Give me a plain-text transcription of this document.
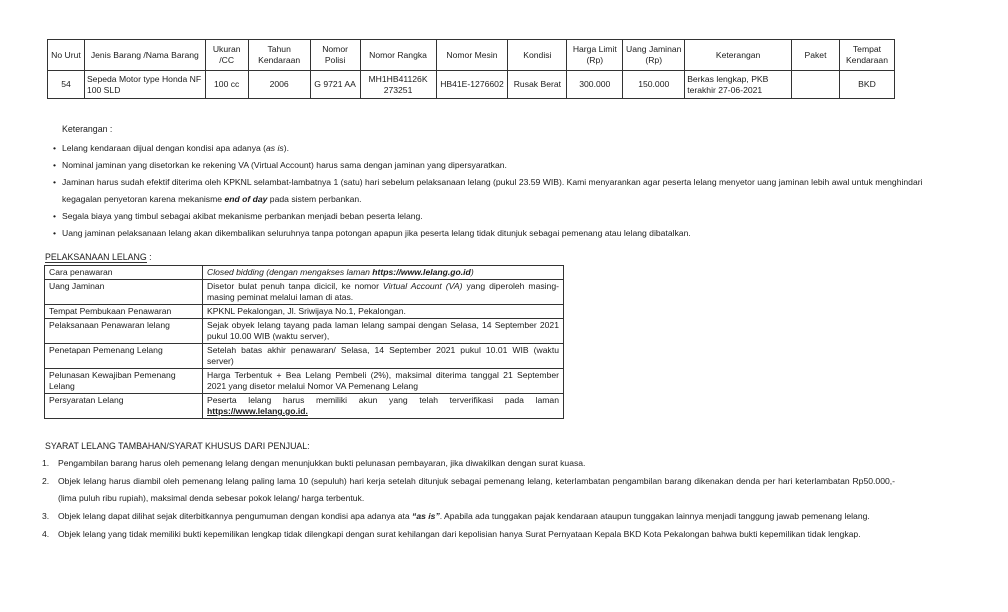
No Urut	Jenis Barang /Nama Barang	Ukuran /CC	Tahun Kendaraan	Nomor Polisi	Nomor Rangka	Nomor Mesin	Kondisi	Harga Limit (Rp)	Uang Jaminan (Rp)	Keterangan	Paket	Tempat Kendaraan
54	Sepeda Motor type Honda NF 100 SLD	100 cc	2006	G 9721 AA	MH1HB41126K 273251	HB41E-1276602	Rusak Berat	300.000	150.000	Berkas lengkap, PKB terakhir 27-06-2021		BKD
Keterangan :
• Lelang kendaraan dijual dengan kondisi apa adanya (as is).
• Nominal jaminan yang disetorkan ke rekening VA (Virtual Account) harus sama dengan jaminan yang dipersyaratkan.
• Jaminan harus sudah efektif diterima oleh KPKNL selambat-lambatnya 1 (satu) hari sebelum pelaksanaan lelang (pukul 23.59 WIB). Kami menyarankan agar peserta lelang menyetor uang jaminan lebih awal untuk menghindari kegagalan penyetoran karena mekanisme end of day pada sistem perbankan.
• Segala biaya yang timbul sebagai akibat mekanisme perbankan menjadi beban peserta lelang.
• Uang jaminan pelaksanaan lelang akan dikembalikan seluruhnya tanpa potongan apapun jika peserta lelang tidak ditunjuk sebagai pemenang atau lelang dibatalkan.
PELAKSANAAN LELANG :
Cara penawaran	Closed bidding (dengan mengakses laman https://www.lelang.go.id)
Uang Jaminan	Disetor bulat penuh tanpa dicicil, ke nomor Virtual Account (VA) yang diperoleh masing-masing peminat melalui laman di atas.
Tempat Pembukaan Penawaran	KPKNL Pekalongan, Jl. Sriwijaya No.1, Pekalongan.
Pelaksanaan Penawaran lelang	Sejak obyek lelang tayang pada laman lelang sampai dengan Selasa, 14 September 2021 pukul 10.00 WIB (waktu server),
Penetapan Pemenang Lelang	Setelah batas akhir penawaran/ Selasa, 14 September 2021 pukul 10.01 WIB (waktu server)
Pelunasan Kewajiban Pemenang Lelang	Harga Terbentuk + Bea Lelang Pembeli (2%), maksimal diterima tanggal 21 September 2021 yang disetor melalui Nomor VA Pemenang Lelang
Persyaratan Lelang	Peserta lelang harus memiliki akun yang telah terverifikasi pada laman https://www.lelang.go.id.
SYARAT LELANG TAMBAHAN/SYARAT KHUSUS DARI PENJUAL:
1. Pengambilan barang harus oleh pemenang lelang dengan menunjukkan bukti pelunasan pembayaran, jika diwakilkan dengan surat kuasa.
2. Objek lelang harus diambil oleh pemenang lelang paling lama 10 (sepuluh) hari kerja setelah ditunjuk sebagai pemenang lelang, keterlambatan pengambilan barang dikenakan denda per hari keterlambatan Rp50.000,- (lima puluh ribu rupiah), maksimal denda sebesar pokok lelang/ harga terbentuk.
3. Objek lelang dapat dilihat sejak diterbitkannya pengumuman dengan kondisi apa adanya ata “as is”. Apabila ada tunggakan pajak kendaraan ataupun tunggakan lainnya menjadi tanggung jawab pemenang lelang.
4. Objek lelang yang tidak memiliki bukti kepemilikan lengkap tidak dilengkapi dengan surat kehilangan dari kepolisian hanya Surat Pernyataan Kepala BKD Kota Pekalongan bahwa bukti kepemilikan tidak lengkap.
